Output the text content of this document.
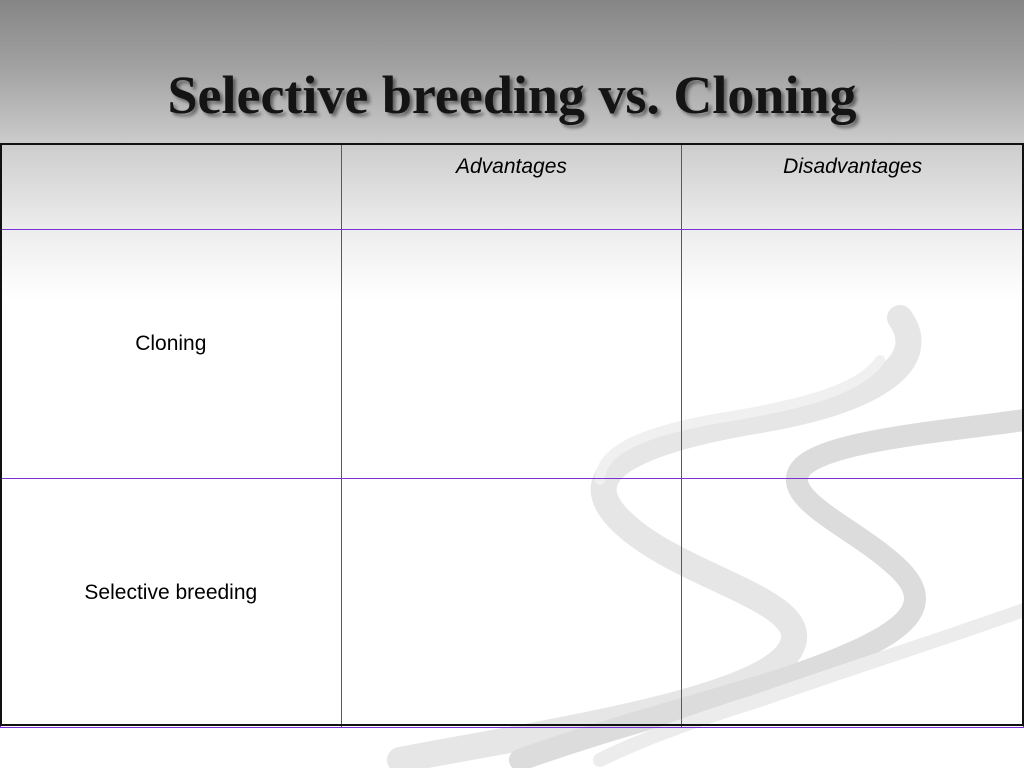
Selective breeding vs. Cloning
	Advantages	Disadvantages
Cloning		
Selective breeding		
